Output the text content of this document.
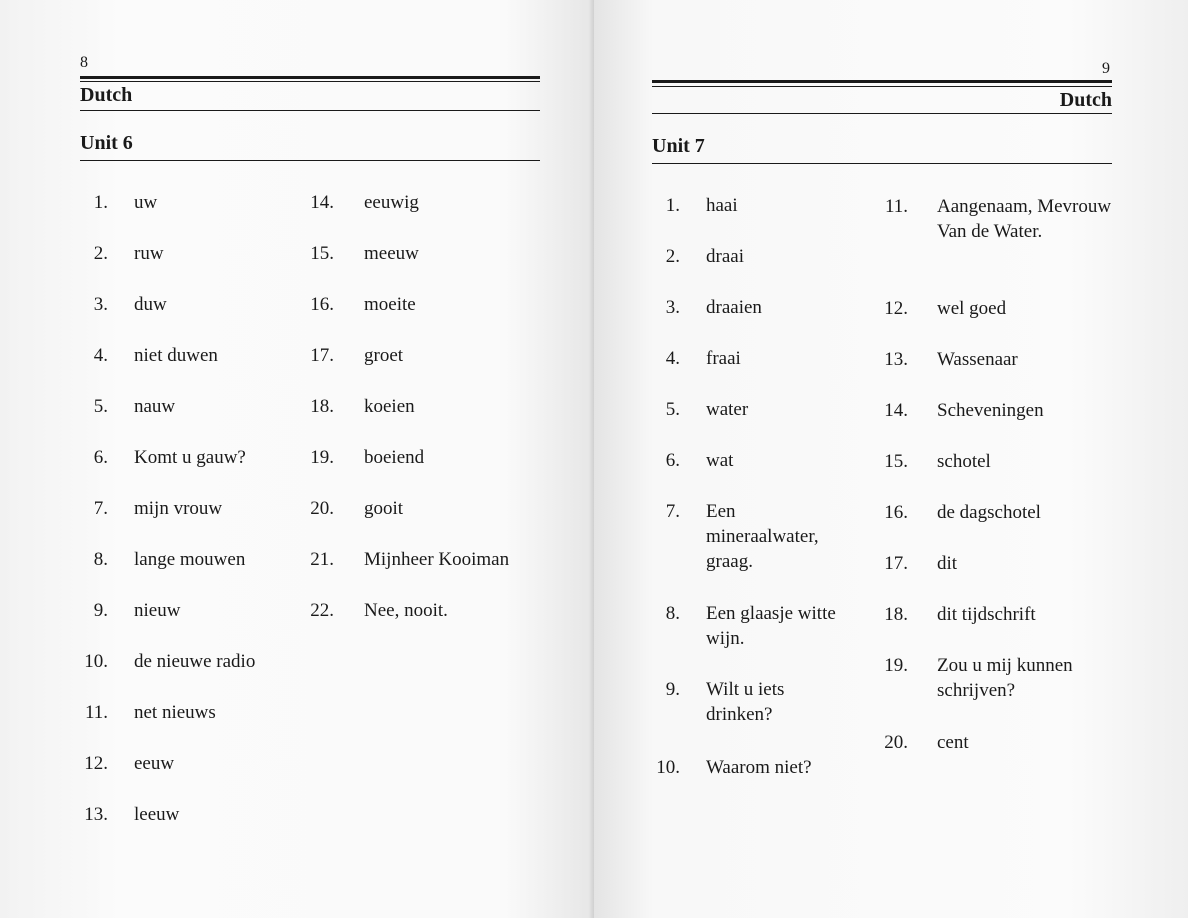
8
Dutch
Unit 6
1. uw
2. ruw
3. duw
4. niet duwen
5. nauw
6. Komt u gauw?
7. mijn vrouw
8. lange mouwen
9. nieuw
10. de nieuwe radio
11. net nieuws
12. eeuw
13. leeuw
14. eeuwig
15. meeuw
16. moeite
17. groet
18. koeien
19. boeiend
20. gooit
21. Mijnheer Kooiman
22. Nee, nooit.
9
Dutch
Unit 7
1. haai
2. draai
3. draaien
4. fraai
5. water
6. wat
7. Een mineraalwater, graag.
8. Een glaasje witte wijn.
9. Wilt u iets drinken?
10. Waarom niet?
11. Aangenaam, Mevrouw Van de Water.
12. wel goed
13. Wassenaar
14. Scheveningen
15. schotel
16. de dagschotel
17. dit
18. dit tijdschrift
19. Zou u mij kunnen schrijven?
20. cent
